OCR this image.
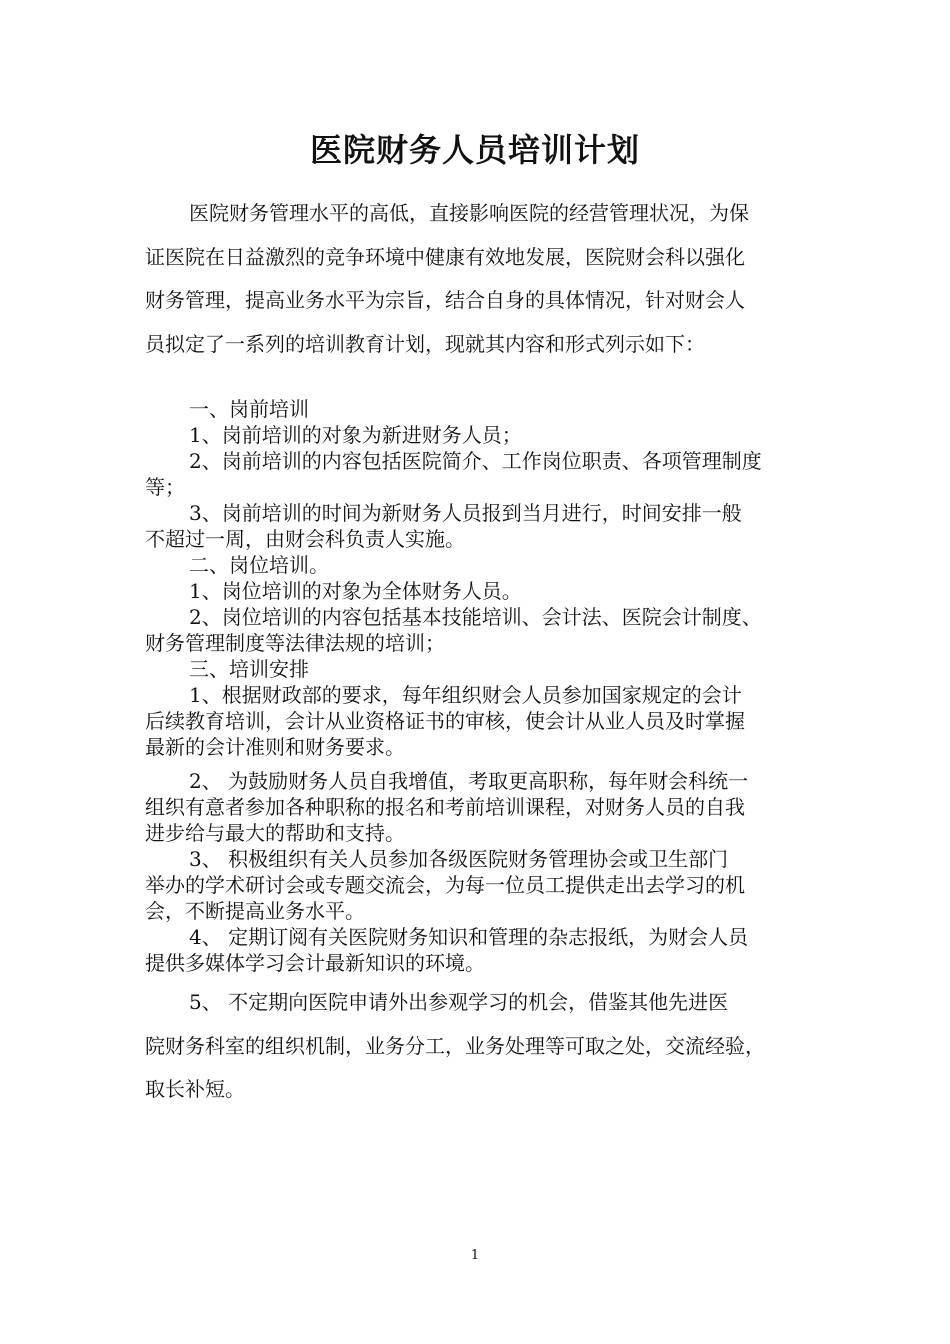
医院财务人员培训计划
医院财务管理水平的高低，直接影响医院的经营管理状况，为保
证医院在日益激烈的竞争环境中健康有效地发展，医院财会科以强化
财务管理，提高业务水平为宗旨，结合自身的具体情况，针对财会人
员拟定了一系列的培训教育计划，现就其内容和形式列示如下：
一、岗前培训
1、岗前培训的对象为新进财务人员；
2、岗前培训的内容包括医院简介、工作岗位职责、各项管理制度
等；
3、岗前培训的时间为新财务人员报到当月进行，时间安排一般
不超过一周，由财会科负责人实施。
二、岗位培训。
1、岗位培训的对象为全体财务人员。
2、岗位培训的内容包括基本技能培训、会计法、医院会计制度、
财务管理制度等法律法规的培训；
三、培训安排
1、根据财政部的要求，每年组织财会人员参加国家规定的会计
后续教育培训，会计从业资格证书的审核，使会计从业人员及时掌握
最新的会计准则和财务要求。
2、 为鼓励财务人员自我增值，考取更高职称，每年财会科统一
组织有意者参加各种职称的报名和考前培训课程，对财务人员的自我
进步给与最大的帮助和支持。
3、 积极组织有关人员参加各级医院财务管理协会或卫生部门
举办的学术研讨会或专题交流会，为每一位员工提供走出去学习的机
会，不断提高业务水平。
4、 定期订阅有关医院财务知识和管理的杂志报纸，为财会人员
提供多媒体学习会计最新知识的环境。
5、 不定期向医院申请外出参观学习的机会，借鉴其他先进医
院财务科室的组织机制，业务分工，业务处理等可取之处，交流经验，
取长补短。
1
